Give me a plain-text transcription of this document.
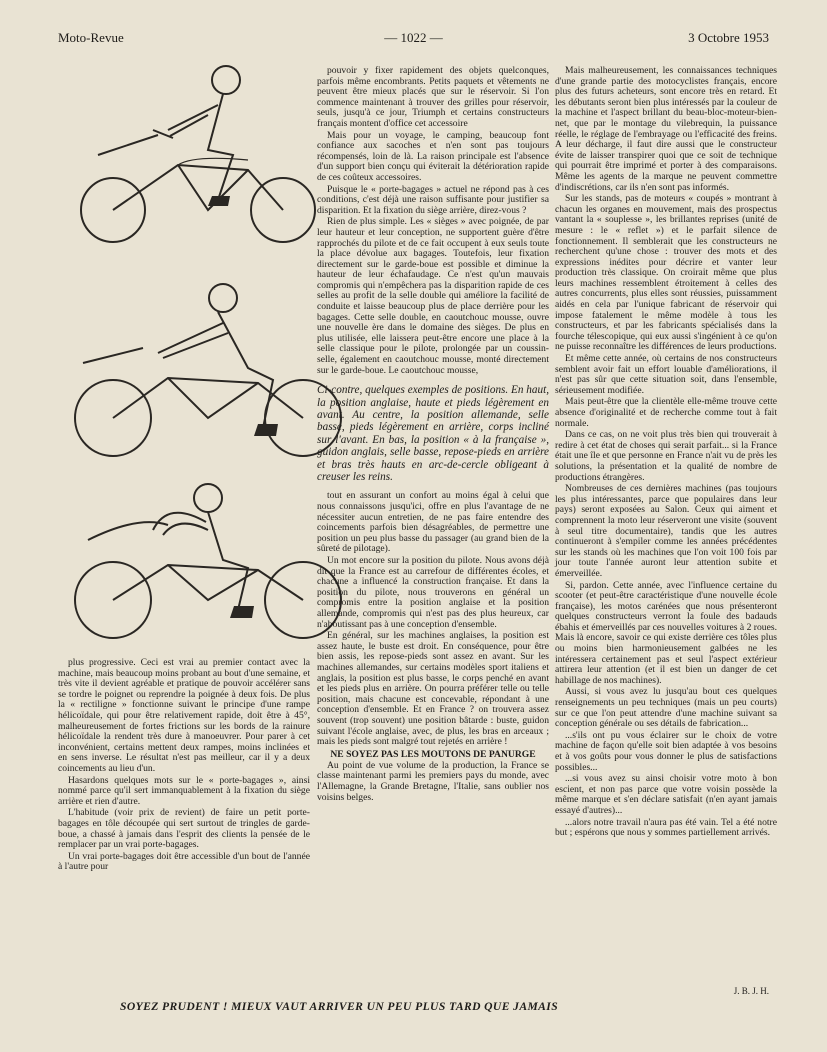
Moto-Revue	— 1022 —	3 Octobre 1953

plus progressive. Ceci est vrai au premier contact avec la machine, mais beaucoup moins probant au bout d'une semaine, et très vite il devient agréable et pratique de pouvoir accélérer sans se tordre le poignet ou reprendre la poignée à deux fois. De plus la « rectiligne » fonctionne suivant le principe d'une rampe hélicoïdale, qui pour être relativement rapide, doit être à 45°, malheureusement de fortes frictions sur les bords de la rainure hélicoïdale la rendent très dure à manoeuvrer. Pour parer à cet inconvénient, certains mettent deux rampes, moins inclinées et en sens inverse. Le résultat n'est pas meilleur, car il y a deux coincements au lieu d'un.

Hasardons quelques mots sur le « porte-bagages », ainsi nommé parce qu'il sert immanquablement à la fixation du siège arrière et rien d'autre.

L'habitude (voir prix de revient) de faire un petit porte-bagages en tôle découpée qui sert surtout de tringles de garde-boue, a chassé à jamais dans l'esprit des clients la pensée de le remplacer par un vrai porte-bagages.

Un vrai porte-bagages doit être accessible d'un bout de l'année à l'autre pour

pouvoir y fixer rapidement des objets quelconques, parfois même encombrants. Petits paquets et vêtements ne peuvent être mieux placés que sur le réservoir. Si l'on commence maintenant à trouver des grilles pour réservoir, seuls, jusqu'à ce jour, Triumph et certains constructeurs français montent d'office cet accessoire

Mais pour un voyage, le camping, beaucoup font confiance aux sacoches et n'en sont pas toujours récompensés, loin de là. La raison principale est l'absence d'un support bien conçu qui éviterait la détérioration rapide de ces coûteux accessoires.

Puisque le « porte-bagages » actuel ne répond pas à ces conditions, c'est déjà une raison suffisante pour justifier sa disparition. Et la fixation du siège arrière, direz-vous ?

Rien de plus simple. Les « sièges » avec poignée, de par leur hauteur et leur conception, ne supportent guère d'être rapprochés du pilote et de ce fait occupent à eux seuls toute la place dévolue aux bagages. Toutefois, leur fixation directement sur le garde-boue est possible et diminue la hauteur de leur échafaudage. Ce n'est qu'un mauvais compromis qui n'empêchera pas la disparition rapide de ces selles au profit de la selle double qui améliore la facilité de conduite et laisse beaucoup plus de place derrière pour les bagages. Cette selle double, en caoutchouc mousse, ouvre une nouvelle ère dans le domaine des sièges. De plus en plus utilisée, elle laissera peut-être encore une place à la selle classique pour le pilote, prolongée par un coussin-selle, également en caoutchouc mousse, monté directement sur le garde-boue. Le caoutchouc mousse,

Ci-contre, quelques exemples de positions. En haut, la position anglaise, haute et pieds légèrement en avant. Au centre, la position allemande, selle basse, pieds légèrement en arrière, corps incliné sur l'avant. En bas, la position « à la française », guidon anglais, selle basse, repose-pieds en arrière et bras très hauts en arc-de-cercle obligeant à creuser les reins.

tout en assurant un confort au moins égal à celui que nous connaissons jusqu'ici, offre en plus l'avantage de ne nécessiter aucun entretien, de ne pas faire entendre des coincements parfois bien désagréables, de permettre une position un peu plus basse du passager (au grand bien de la sûreté de pilotage).

Un mot encore sur la position du pilote. Nous avons déjà dit que la France est au carrefour de différentes écoles, et chacune a influencé la construction française. Et dans la position du pilote, nous trouverons en général un compromis entre la position anglaise et la position allemande, compromis qui n'est pas des plus heureux, car n'aboutissant pas à une conception d'ensemble.

En général, sur les machines anglaises, la position est assez haute, le buste est droit. En conséquence, pour être bien assis, les repose-pieds sont assez en avant. Sur les machines allemandes, sur certains modèles sport italiens et anglais, la position est plus basse, le corps penché en avant et les pieds plus en arrière. On pourra préférer telle ou telle position, mais chacune est concevable, répondant à une conception d'ensemble. Et en France ? on trouvera assez souvent (trop souvent) une position bâtarde : buste, guidon suivant l'école anglaise, avec, de plus, les bras en arceaux ; mais les pieds sont malgré tout rejetés en arrière !

NE SOYEZ PAS LES MOUTONS DE PANURGE

Au point de vue volume de la production, la France se classe maintenant parmi les premiers pays du monde, avec l'Allemagne, la Grande Bretagne, l'Italie, sans oublier nos voisins belges.

Mais malheureusement, les connaissances techniques d'une grande partie des motocyclistes français, encore plus des futurs acheteurs, sont encore très en retard. Et les débutants seront bien plus intéressés par la couleur de la machine et l'aspect brillant du beau-bloc-moteur-bien-net, que par le montage du vilebrequin, la puissance réelle, le réglage de l'embrayage ou l'efficacité des freins. A leur décharge, il faut dire aussi que le constructeur évite de laisser transpirer quoi que ce soit de technique qui pourrait être imprimé et porter à des comparaisons. Même les agents de la marque ne peuvent commettre d'indiscrétions, car ils n'en sont pas informés.

Sur les stands, pas de moteurs « coupés » montrant à chacun les organes en mouvement, mais des prospectus vantant la « souplesse », les brillantes reprises (unité de mesure : le « reflet ») et le parfait silence de fonctionnement. Il semblerait que les constructeurs ne recherchent qu'une chose : trouver des mots et des expressions inédites pour décrire et vanter leur production très classique. On croirait même que plus leurs machines ressemblent étroitement à celles des autres concurrents, plus elles sont réussies, puissamment aidés en cela par l'unique fabricant de réservoir qui impose fatalement le même modèle à tous les constructeurs, et par les fabricants spécialisés dans la fourche télescopique, qui eux aussi s'ingénient à ce qu'on ne puisse reconnaître les différences de leurs productions.

Et même cette année, où certains de nos constructeurs semblent avoir fait un effort louable d'améliorations, il n'est pas sûr que cette situation soit, dans l'ensemble, sérieusement modifiée.

Mais peut-être que la clientèle elle-même trouve cette absence d'originalité et de recherche comme tout à fait normale.

Dans ce cas, on ne voit plus très bien qui trouverait à redire à cet état de choses qui serait parfait... si la France était une île et que personne en France n'ait vu de près les solutions, la présentation et la qualité de nombre de productions étrangères.

Nombreuses de ces dernières machines (pas toujours les plus intéressantes, parce que populaires dans leur pays) seront exposées au Salon. Ceux qui aiment et comprennent la moto leur réserveront une visite (souvent à seul titre documentaire), tandis que les autres continueront à s'empiler comme les années précédentes sur les stands où les machines que l'on voit 100 fois par jour toute l'année auront leur attention subite et émerveillée.

Si, pardon. Cette année, avec l'influence certaine du scooter (et peut-être caractéristique d'une nouvelle école française), les motos carénées que nous présenteront quelques constructeurs verront la foule des badauds ébahis et émerveillés par ces nouvelles voitures à 2 roues. Mais là encore, savoir ce qui existe derrière ces tôles plus ou moins bien harmonieusement galbées ne les intéressera certainement pas et seul l'aspect extérieur attirera leur attention (et il est bien un danger de cet habillage de nos machines).

Aussi, si vous avez lu jusqu'au bout ces quelques renseignements un peu techniques (mais un peu courts) sur ce que l'on peut attendre d'une machine suivant sa conception générale ou ses détails de fabrication...

...s'ils ont pu vous éclairer sur le choix de votre machine de façon qu'elle soit bien adaptée à vos besoins et à vos goûts pour vous donner le plus de satisfactions possibles...

...si vous avez su ainsi choisir votre moto à bon escient, et non pas parce que votre voisin possède la même marque et s'en déclare satisfait (n'en ayant jamais essayé d'autres)...

...alors notre travail n'aura pas été vain. Tel a été notre but ; espérons que nous y sommes partiellement arrivés.

J. B. J. H.
SOYEZ PRUDENT ! MIEUX VAUT ARRIVER UN PEU PLUS TARD QUE JAMAIS
